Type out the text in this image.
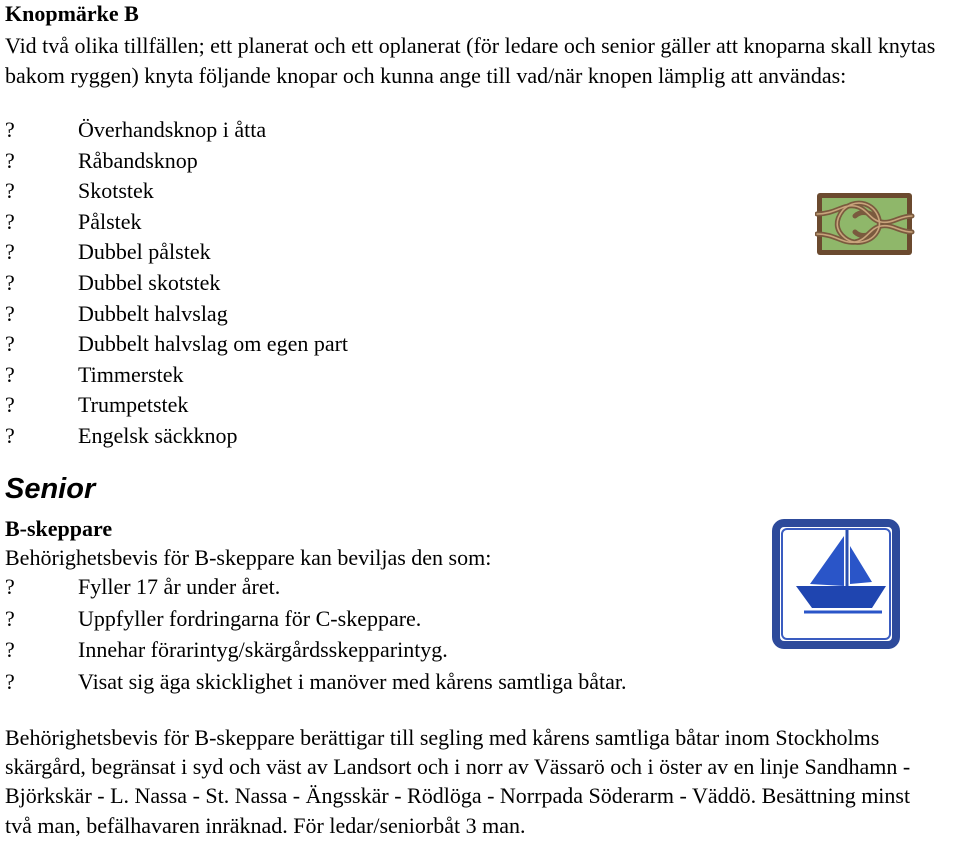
Knopmärke B
Vid två olika tillfällen; ett planerat och ett oplanerat (för ledare och senior gäller att knoparna skall knytas bakom ryggen) knyta följande knopar och kunna ange till vad/när knopen lämplig att användas:
?	Överhandsknop i åtta
?	Råbandsknop
?	Skotstek
?	Pålstek
?	Dubbel pålstek
?	Dubbel skotstek
?	Dubbelt halvslag
?	Dubbelt halvslag om egen part
?	Timmerstek
?	Trumpetstek
?	Engelsk säckknop
Senior
B-skeppare
Behörighetsbevis för B-skeppare kan beviljas den som:
?	Fyller 17 år under året.
?	Uppfyller fordringarna för C-skeppare.
?	Innehar förarintyg/skärgårdsskepparintyg.
?	Visat sig äga skicklighet i manöver med kårens samtliga båtar.
Behörighetsbevis för B-skeppare berättigar till segling med kårens samtliga båtar inom Stockholms skärgård, begränsat i syd och väst av Landsort och i norr av Vässarö och i öster av en linje Sandhamn - Björkskär - L. Nassa - St. Nassa - Ängsskär - Rödlöga - Norrpada Söderarm - Väddö. Besättning minst två man, befälhavaren inräknad. För ledar/seniorbåt 3 man.
